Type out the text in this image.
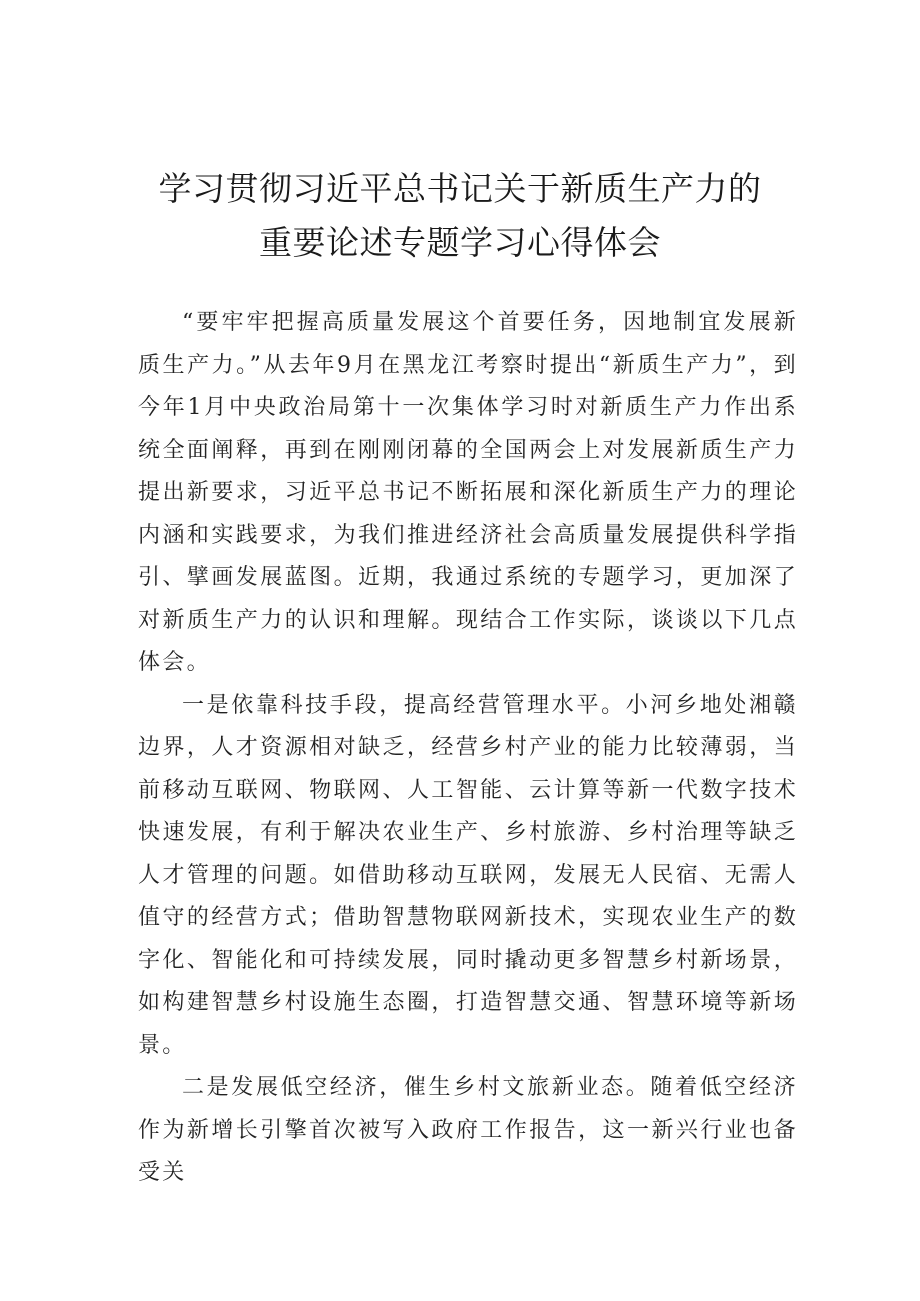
学习贯彻习近平总书记关于新质生产力的
重要论述专题学习心得体会

“要牢牢把握高质量发展这个首要任务，因地制宜发展新质生产力。”从去年9月在黑龙江考察时提出“新质生产力”，到今年1月中央政治局第十一次集体学习时对新质生产力作出系统全面阐释，再到在刚刚闭幕的全国两会上对发展新质生产力提出新要求，习近平总书记不断拓展和深化新质生产力的理论内涵和实践要求，为我们推进经济社会高质量发展提供科学指引、擘画发展蓝图。近期，我通过系统的专题学习，更加深了对新质生产力的认识和理解。现结合工作实际，谈谈以下几点体会。

一是依靠科技手段，提高经营管理水平。小河乡地处湘赣边界，人才资源相对缺乏，经营乡村产业的能力比较薄弱，当前移动互联网、物联网、人工智能、云计算等新一代数字技术快速发展，有利于解决农业生产、乡村旅游、乡村治理等缺乏人才管理的问题。如借助移动互联网，发展无人民宿、无需人值守的经营方式；借助智慧物联网新技术，实现农业生产的数字化、智能化和可持续发展，同时撬动更多智慧乡村新场景，如构建智慧乡村设施生态圈，打造智慧交通、智慧环境等新场景。

二是发展低空经济，催生乡村文旅新业态。随着低空经济作为新增长引擎首次被写入政府工作报告，这一新兴行业也备受关
